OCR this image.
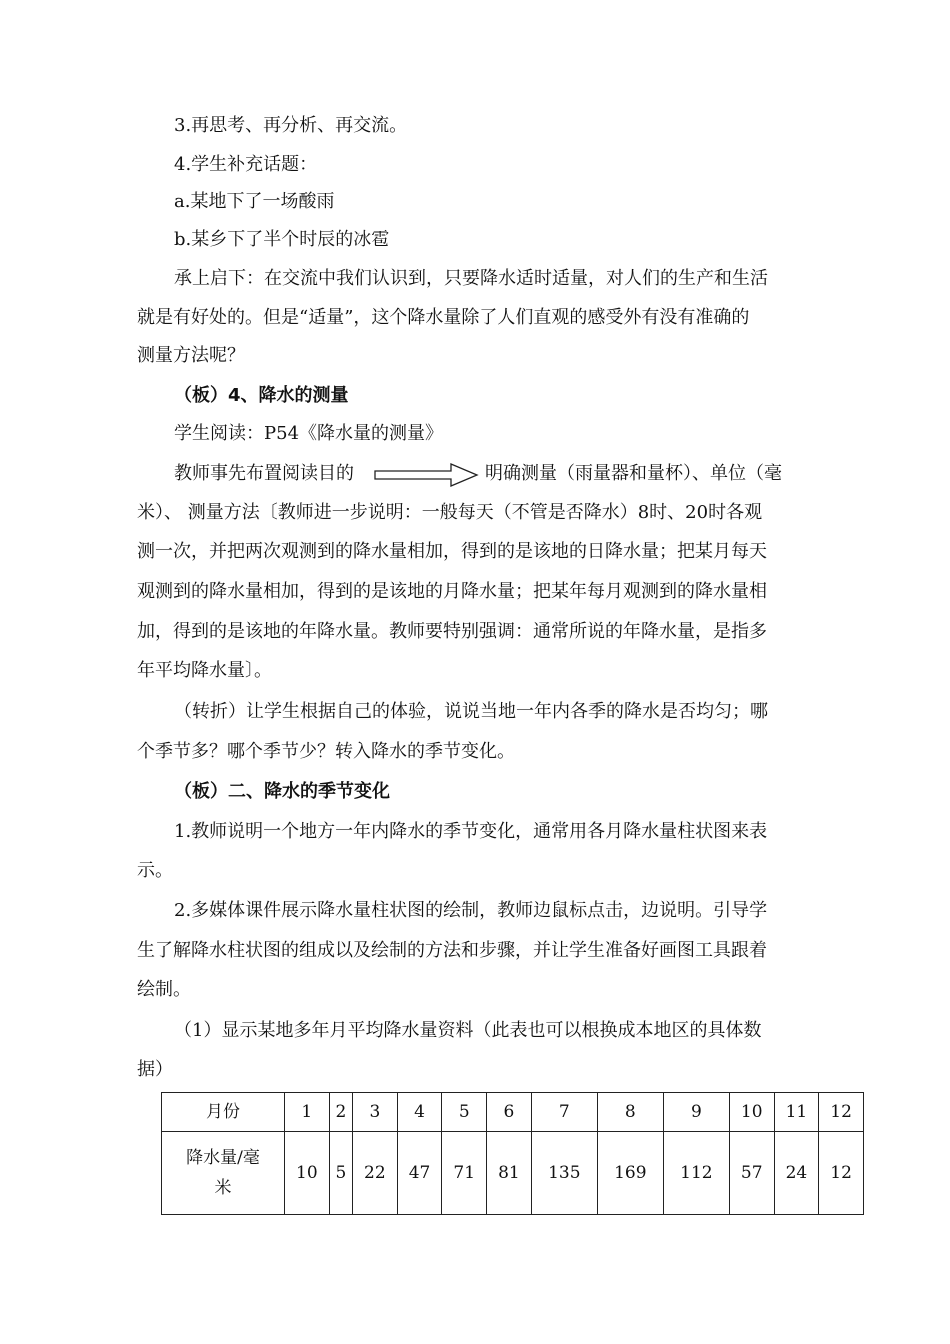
3.再思考、再分析、再交流。
4.学生补充话题：
a.某地下了一场酸雨
b.某乡下了半个时辰的冰雹
承上启下：在交流中我们认识到，只要降水适时适量，对人们的生产和生活
就是有好处的。但是“适量”，这个降水量除了人们直观的感受外有没有准确的
测量方法呢？
（板）4、降水的测量
学生阅读：P54《降水量的测量》
教师事先布置阅读目的	明确测量（雨量器和量杯）、单位（毫
米）、 测量方法〔教师进一步说明：一般每天（不管是否降水）8时、20时各观
测一次，并把两次观测到的降水量相加，得到的是该地的日降水量；把某月每天
观测到的降水量相加，得到的是该地的月降水量；把某年每月观测到的降水量相
加，得到的是该地的年降水量。教师要特别强调：通常所说的年降水量，是指多
年平均降水量〕。
（转折）让学生根据自己的体验，说说当地一年内各季的降水是否均匀；哪
个季节多？哪个季节少？转入降水的季节变化。
（板）二、降水的季节变化
1.教师说明一个地方一年内降水的季节变化，通常用各月降水量柱状图来表
示。
2.多媒体课件展示降水量柱状图的绘制，教师边鼠标点击，边说明。引导学
生了解降水柱状图的组成以及绘制的方法和步骤，并让学生准备好画图工具跟着
绘制。
（1）显示某地多年月平均降水量资料（此表也可以根换成本地区的具体数
据）
月份	1	2	3	4	5	6	7	8	9	10	11	12

降水量/毫
米	10	5	22	47	71	81	135	169	112	57	24	12
